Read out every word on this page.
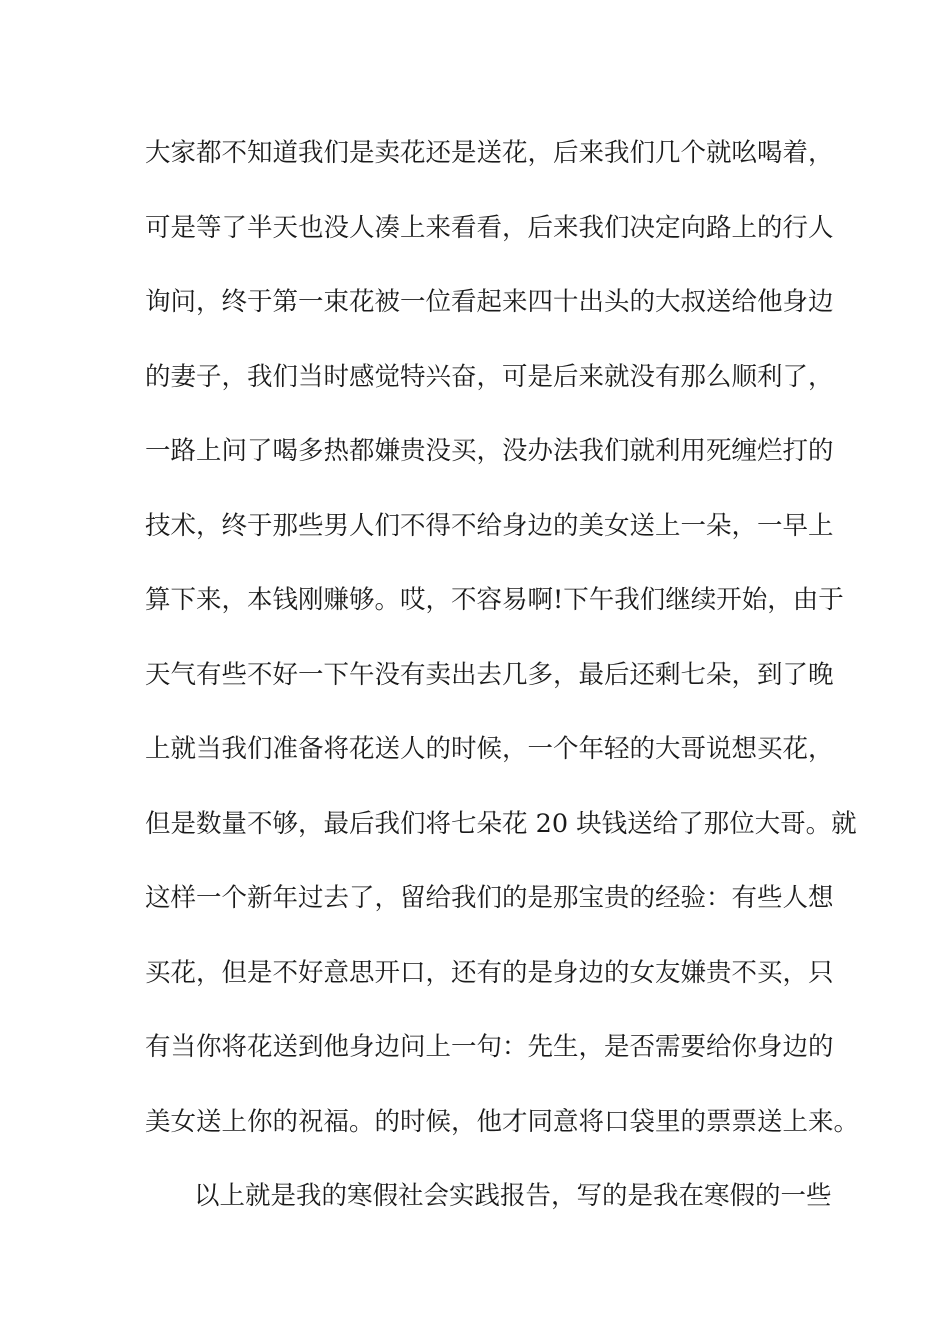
大家都不知道我们是卖花还是送花，后来我们几个就吆喝着，
可是等了半天也没人凑上来看看，后来我们决定向路上的行人
询问，终于第一束花被一位看起来四十出头的大叔送给他身边
的妻子，我们当时感觉特兴奋，可是后来就没有那么顺利了，
一路上问了喝多热都嫌贵没买，没办法我们就利用死缠烂打的
技术，终于那些男人们不得不给身边的美女送上一朵，一早上
算下来，本钱刚赚够。哎，不容易啊!下午我们继续开始，由于
天气有些不好一下午没有卖出去几多，最后还剩七朵，到了晚
上就当我们准备将花送人的时候，一个年轻的大哥说想买花，
但是数量不够，最后我们将七朵花 20 块钱送给了那位大哥。就
这样一个新年过去了，留给我们的是那宝贵的经验：有些人想
买花，但是不好意思开口，还有的是身边的女友嫌贵不买，只
有当你将花送到他身边问上一句：先生，是否需要给你身边的
美女送上你的祝福。的时候，他才同意将口袋里的票票送上来。
以上就是我的寒假社会实践报告，写的是我在寒假的一些
